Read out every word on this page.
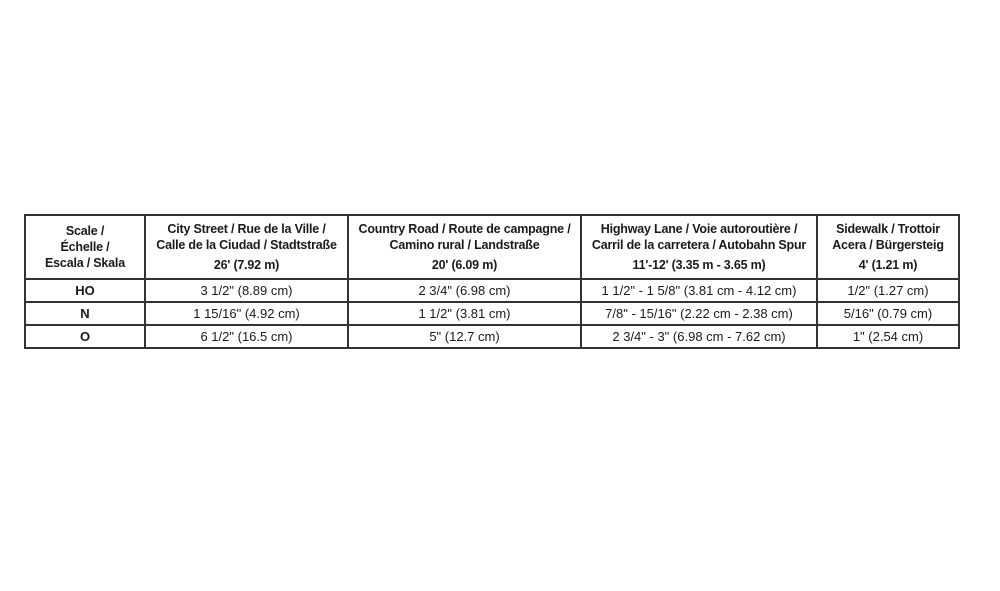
Scale /
Échelle /
Escala / Skala	City Street / Rue de la Ville /
Calle de la Ciudad / Stadtstraße
26' (7.92 m)	Country Road / Route de campagne /
Camino rural / Landstraße
20' (6.09 m)	Highway Lane / Voie autoroutière /
Carril de la carretera / Autobahn Spur
11'-12' (3.35 m - 3.65 m)	Sidewalk / Trottoir
Acera / Bürgersteig
4' (1.21 m)

HO	3 1/2" (8.89 cm)	2 3/4" (6.98 cm)	1 1/2" - 1 5/8" (3.81 cm - 4.12 cm)	1/2" (1.27 cm)
N	1 15/16" (4.92 cm)	1 1/2" (3.81 cm)	7/8" - 15/16" (2.22 cm - 2.38 cm)	5/16" (0.79 cm)
O	6 1/2" (16.5 cm)	5" (12.7 cm)	2 3/4" - 3" (6.98 cm - 7.62 cm)	1" (2.54 cm)
